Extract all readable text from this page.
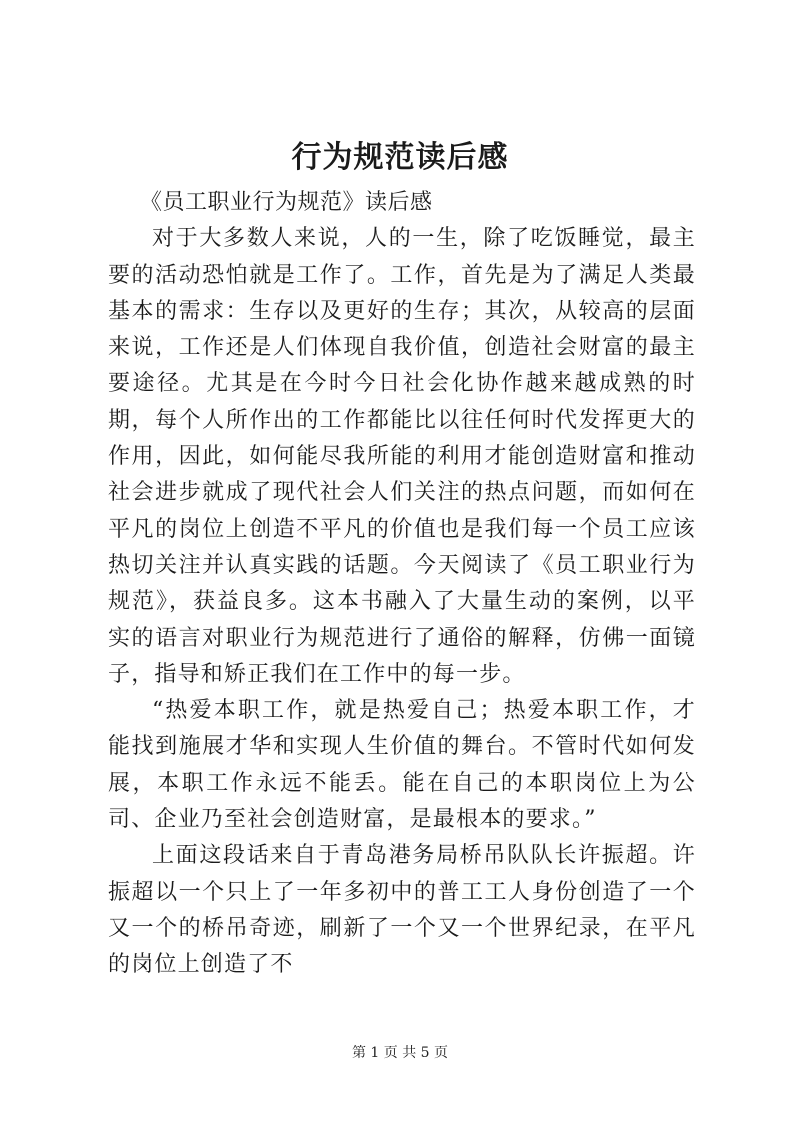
行为规范读后感

《员工职业行为规范》读后感

对于大多数人来说，人的一生，除了吃饭睡觉，最主要的活动恐怕就是工作了。工作，首先是为了满足人类最基本的需求：生存以及更好的生存；其次，从较高的层面来说，工作还是人们体现自我价值，创造社会财富的最主要途径。尤其是在今时今日社会化协作越来越成熟的时期，每个人所作出的工作都能比以往任何时代发挥更大的作用，因此，如何能尽我所能的利用才能创造财富和推动社会进步就成了现代社会人们关注的热点问题，而如何在平凡的岗位上创造不平凡的价值也是我们每一个员工应该热切关注并认真实践的话题。今天阅读了《员工职业行为规范》，获益良多。这本书融入了大量生动的案例，以平实的语言对职业行为规范进行了通俗的解释，仿佛一面镜子，指导和矫正我们在工作中的每一步。

“热爱本职工作，就是热爱自己；热爱本职工作，才能找到施展才华和实现人生价值的舞台。不管时代如何发展，本职工作永远不能丢。能在自己的本职岗位上为公司、企业乃至社会创造财富，是最根本的要求。”

上面这段话来自于青岛港务局桥吊队队长许振超。许振超以一个只上了一年多初中的普工工人身份创造了一个又一个的桥吊奇迹，刷新了一个又一个世界纪录，在平凡的岗位上创造了不

第 1 页 共 5 页
